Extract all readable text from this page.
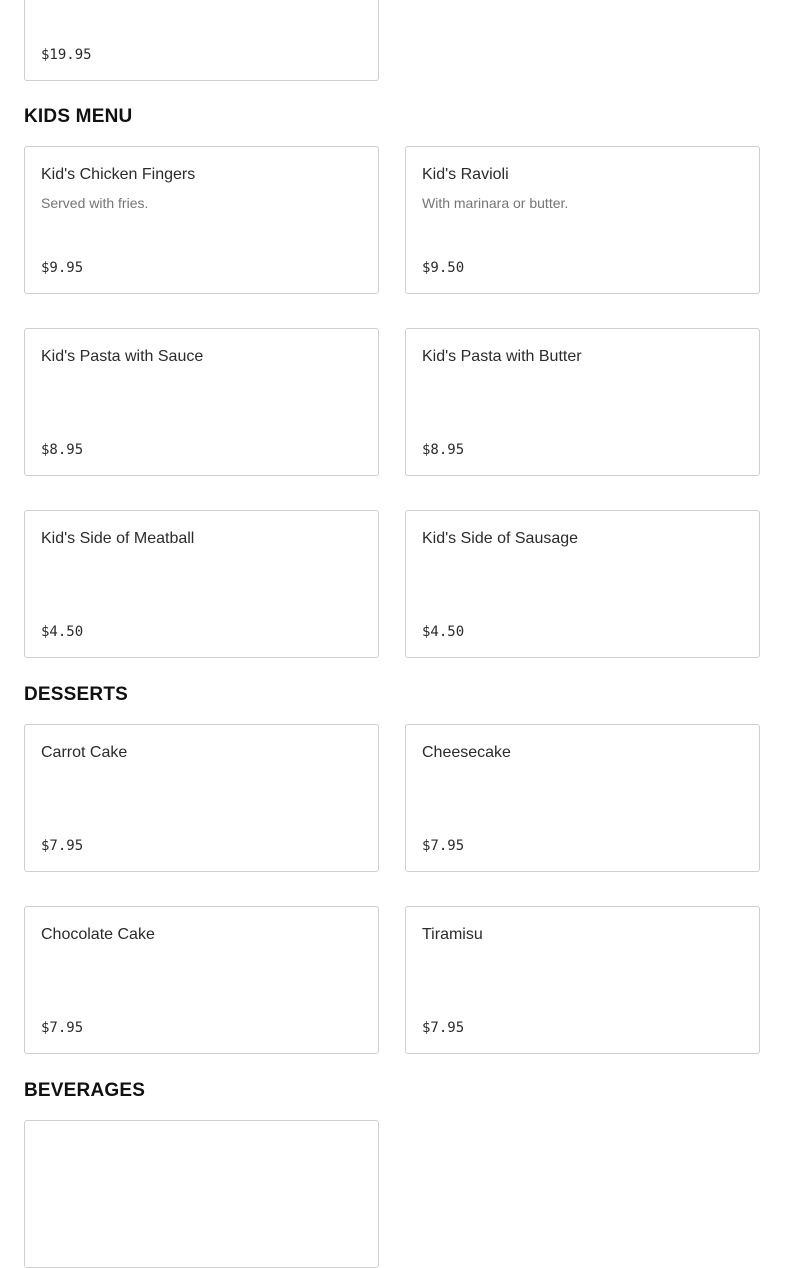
$19.95
KIDS MENU
Kid's Chicken Fingers
Served with fries.
$9.95
Kid's Ravioli
With marinara or butter.
$9.50
Kid's Pasta with Sauce
$8.95
Kid's Pasta with Butter
$8.95
Kid's Side of Meatball
$4.50
Kid's Side of Sausage
$4.50
DESSERTS
Carrot Cake
$7.95
Cheesecake
$7.95
Chocolate Cake
$7.95
Tiramisu
$7.95
BEVERAGES
